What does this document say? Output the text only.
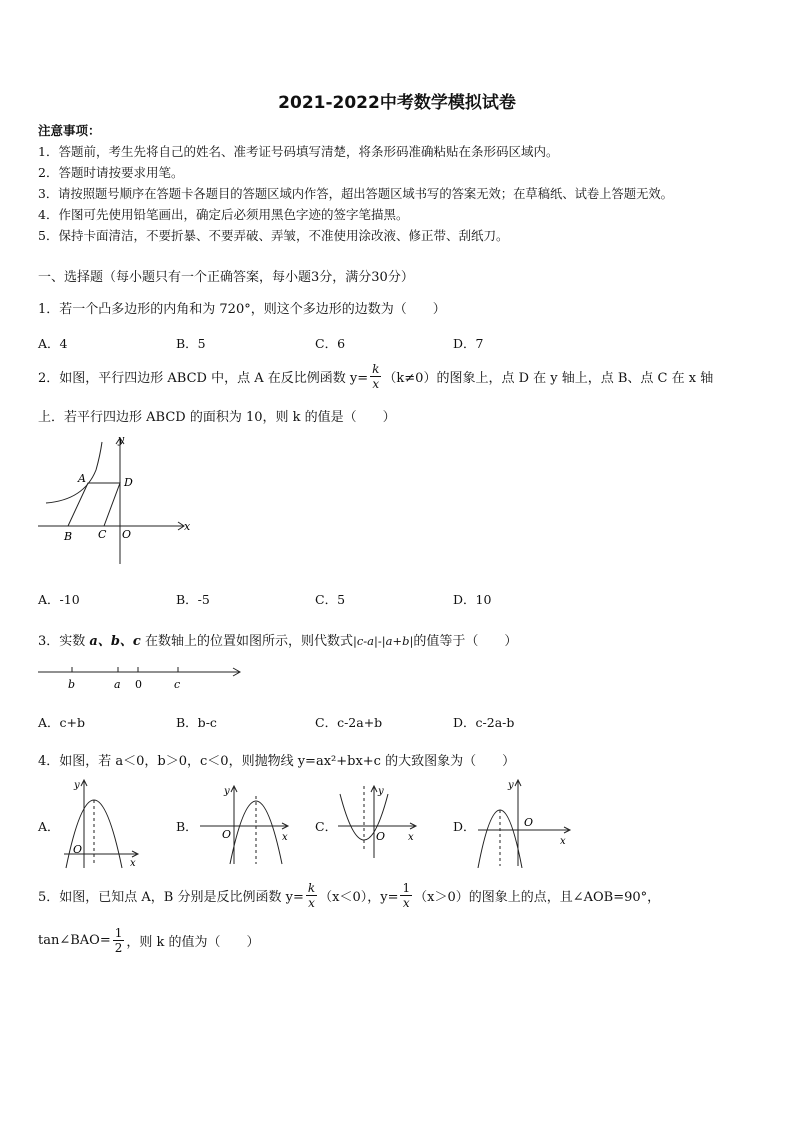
2021-2022中考数学模拟试卷
注意事项：
1．答题前，考生先将自己的姓名、准考证号码填写清楚，将条形码准确粘贴在条形码区域内。
2．答题时请按要求用笔。
3．请按照题号顺序在答题卡各题目的答题区域内作答，超出答题区域书写的答案无效；在草稿纸、试卷上答题无效。
4．作图可先使用铅笔画出，确定后必须用黑色字迹的签字笔描黑。
5．保持卡面清洁，不要折暴、不要弄破、弄皱，不准使用涂改液、修正带、刮纸刀。
一、选择题（每小题只有一个正确答案，每小题3分，满分30分）
1．若一个凸多边形的内角和为 720°，则这个多边形的边数为（　　）
A．4	B．5	C．6	D．7
2．如图，平行四边形 ABCD 中，点 A 在反比例函数 $y= \frac{k}{x} (k\ne 0)$的图象上，点 D 在 y 轴上，点 B、点 C 在 x 轴
上．若平行四边形 ABCD 的面积为 10，则 k 的值是（　　）
y
x
A	D
B C O
A．-10	B．-5	C．5	D．10
3．实数 a、b、c 在数轴上的位置如图所示，则代数式|c-a|-|a+b|的值等于（　　）
b	a 0	c
A．c+b	B．b-c	C．c-2a+b	D．c-2a-b
4．如图，若 a＜0，b＞0，c＜0，则抛物线 y=ax²+bx+c 的大致图象为（　　）
A．
y
x
O
B．
y
x
O
C．
y
x
O
D．
y
x
O
5．如图，已知点 A，B 分别是反比例函数 $y= \frac{k}{x} (x<0)$，$y= \frac{1}{x} (x>0)$的图象上的点，且∠AOB=90°，
tan∠BAO= $\frac{1}{2}$ ，则 k 的值为（　　）
